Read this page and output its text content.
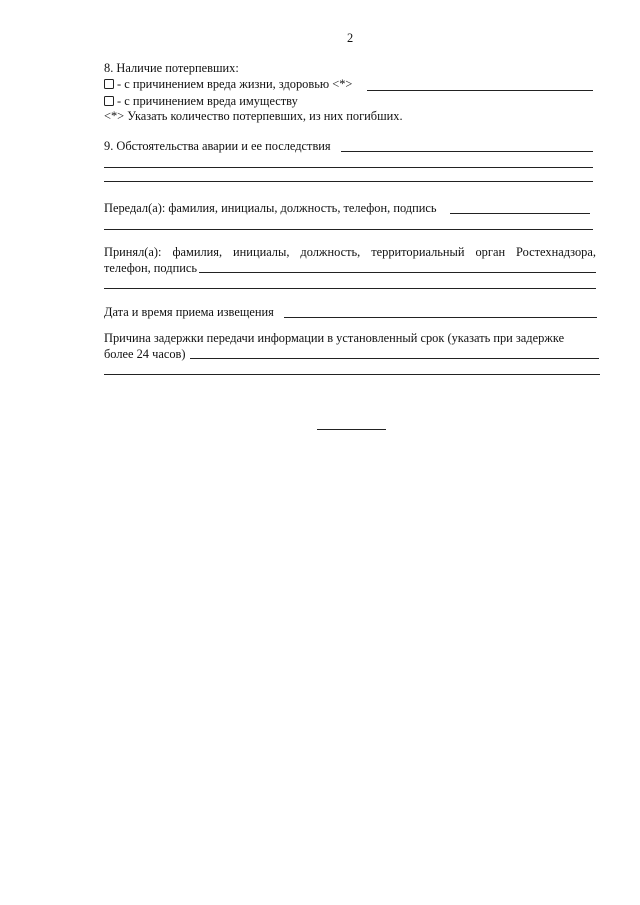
2
8. Наличие потерпевших:
- с причинением вреда жизни, здоровью <*>
- с причинением вреда имуществу
<*> Указать количество потерпевших, из них погибших.
9. Обстоятельства аварии и ее последствия
Передал(а): фамилия, инициалы, должность, телефон, подпись
Принял(а): фамилия, инициалы, должность, территориальный орган Ростехнадзора,
телефон, подпись
Дата и время приема извещения
Причина задержки передачи информации в установленный срок (указать при задержке
более 24 часов)
